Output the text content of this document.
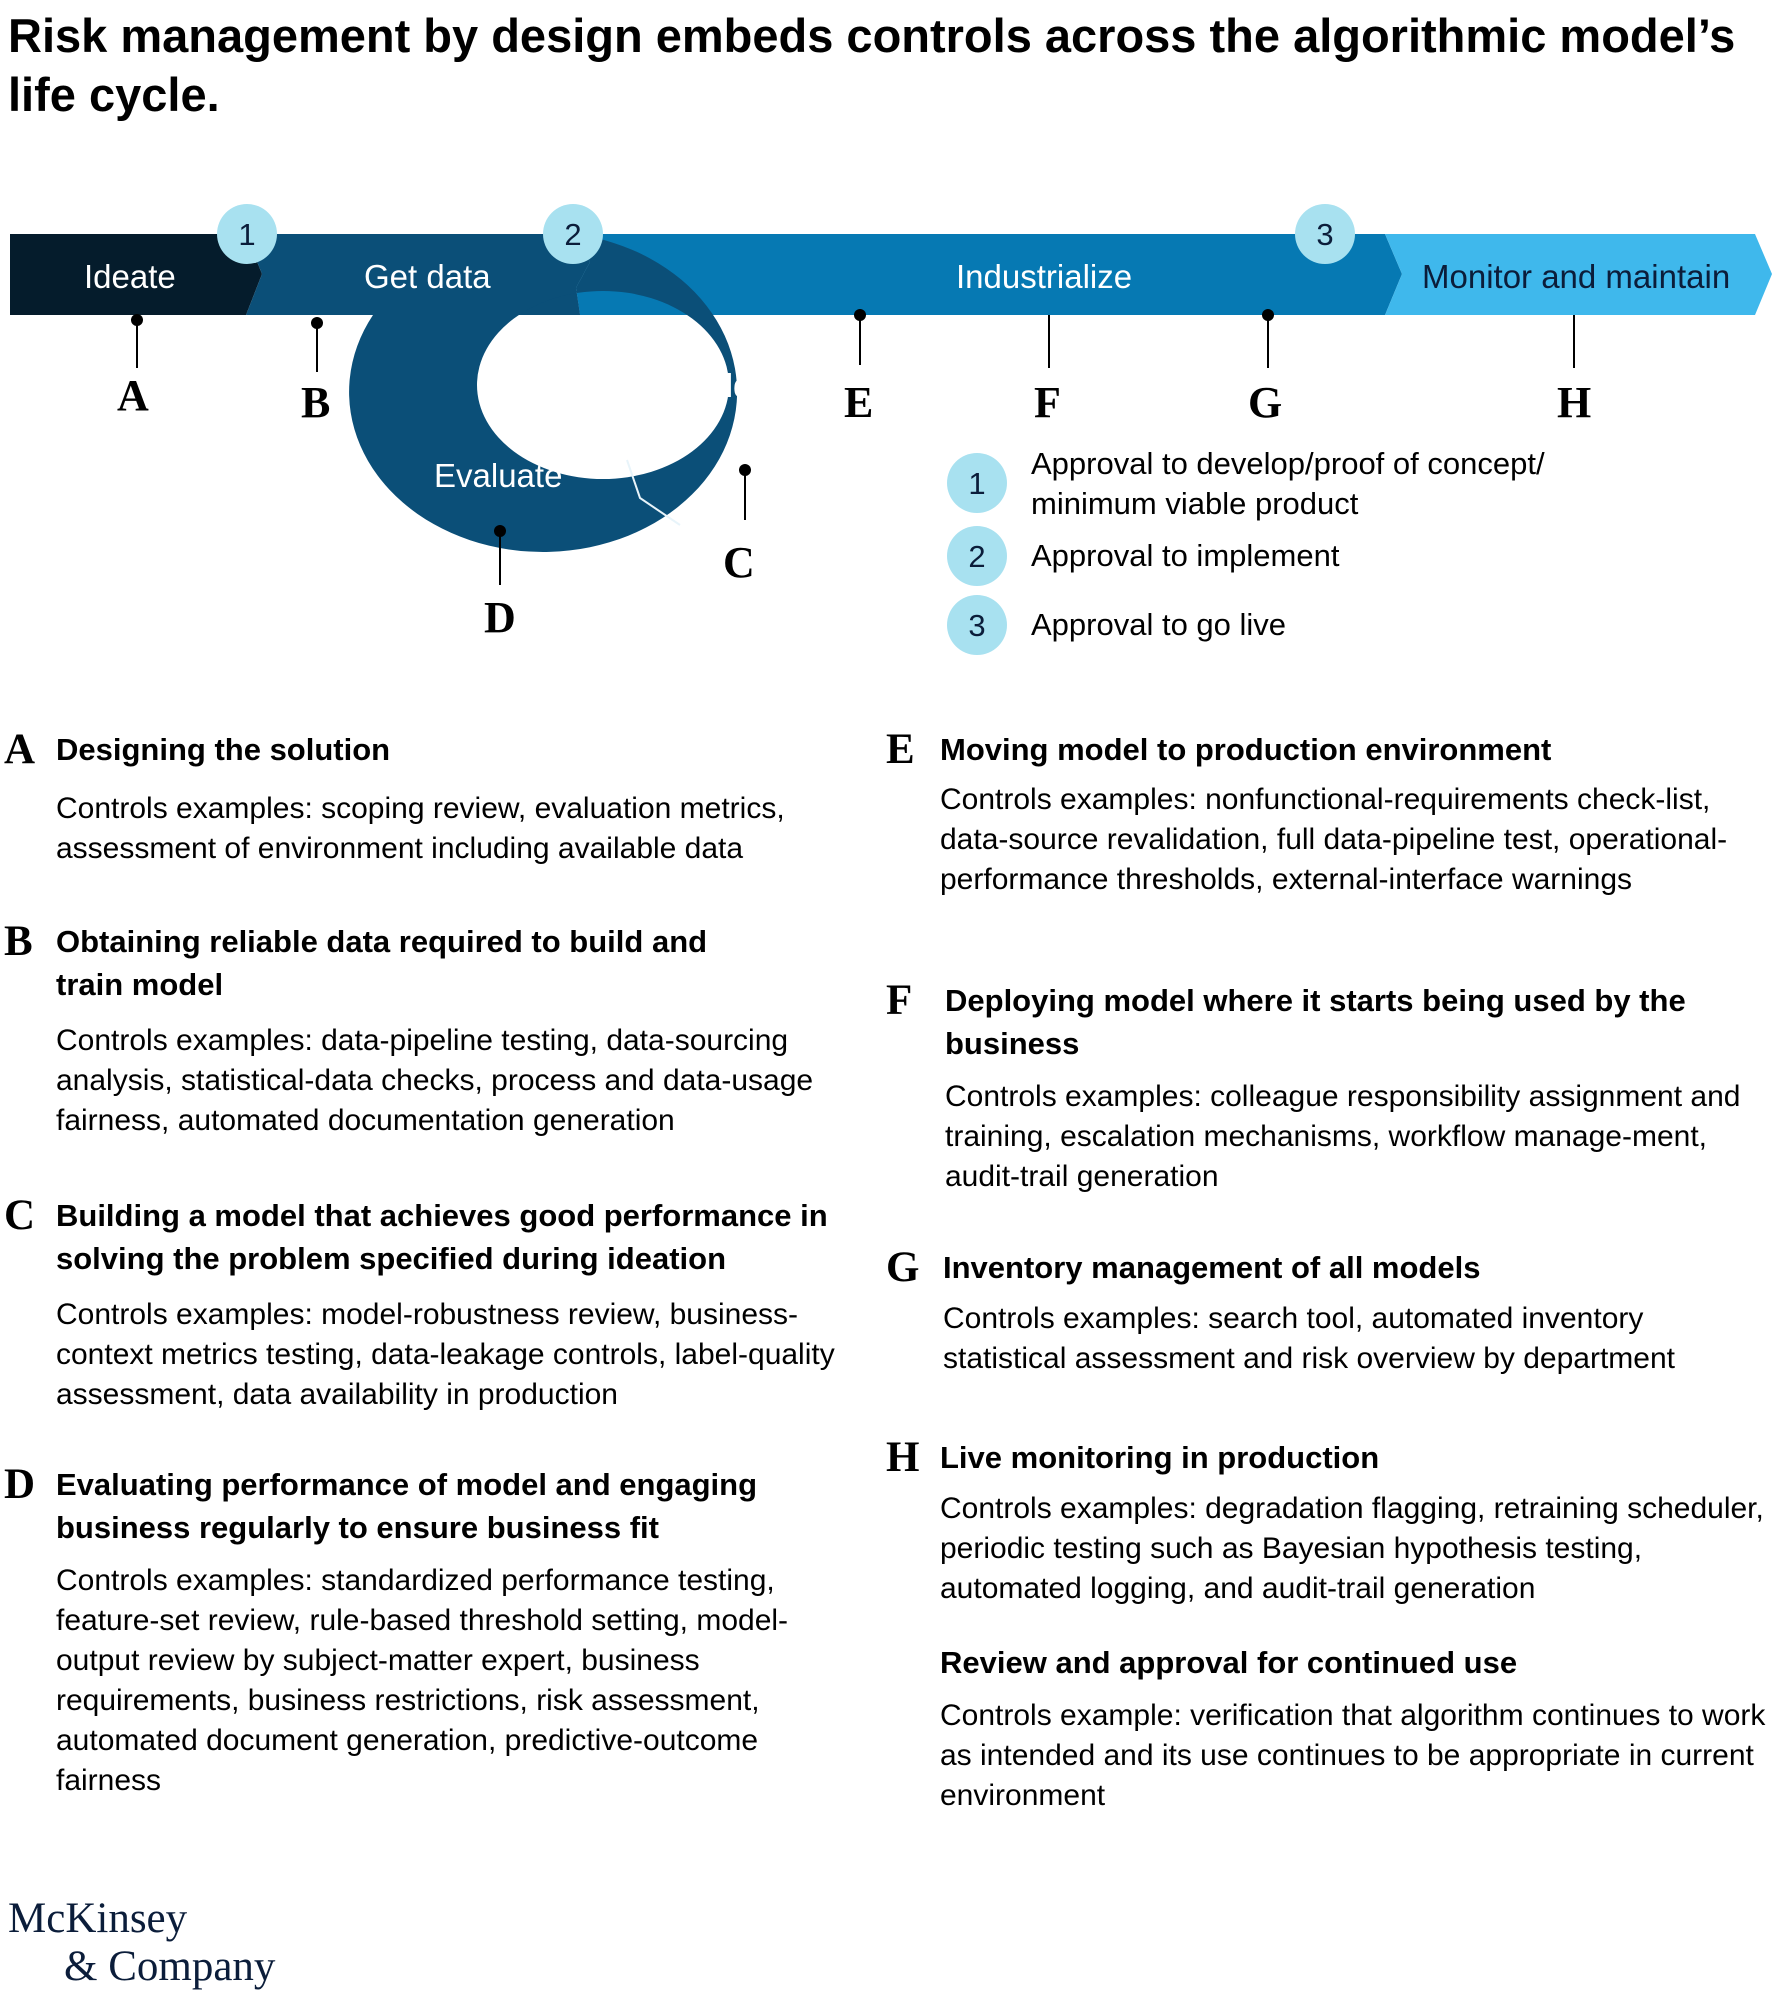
Risk management by design embeds controls across the algorithmic model’s life cycle.
Ideate	Get data	Industrialize	Monitor and maintain
Build
Evaluate
1	2	3
A	B
C
D
E	F	G	H
1
2
3
Approval to develop/proof of concept/
minimum viable product
Approval to implement
Approval to go live
A Designing the solution

Controls examples: scoping review, evaluation metrics, assessment of environment including available data

B Obtaining reliable data required to build and train model

Controls examples: data-pipeline testing, data-sourcing analysis, statistical-data checks, process and data-usage fairness, automated documentation generation

C Building a model that achieves good performance in solving the problem specified during ideation

Controls examples: model-robustness review, business-context metrics testing, data-leakage controls, label-quality assessment, data availability in production

D Evaluating performance of model and engaging business regularly to ensure business fit

Controls examples: standardized performance testing, feature-set review, rule-based threshold setting, model-output review by subject-matter expert, business requirements, business restrictions, risk assessment, automated document generation, predictive-outcome fairness

E Moving model to production environment

Controls examples: nonfunctional-requirements check-list, data-source revalidation, full data-pipeline test, operational-performance thresholds, external-interface warnings

F Deploying model where it starts being used by the business

Controls examples: colleague responsibility assignment and training, escalation mechanisms, workflow manage-ment, audit-trail generation

G Inventory management of all models

Controls examples: search tool, automated inventory statistical assessment and risk overview by department

H Live monitoring in production

Controls examples: degradation flagging, retraining scheduler, periodic testing such as Bayesian hypothesis testing, automated logging, and audit-trail generation

Review and approval for continued use

Controls example: verification that algorithm continues to work as intended and its use continues to be appropriate in current environment

McKinsey
& Company
